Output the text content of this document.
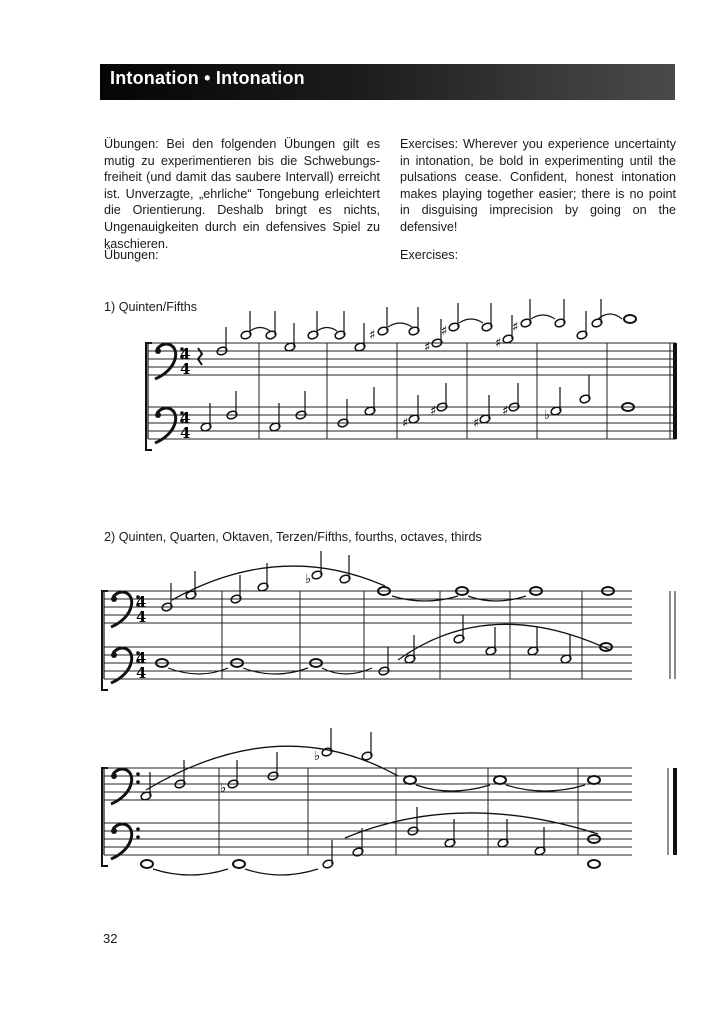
Intonation • Intonation
Übungen: Bei den folgenden Übungen gilt es mutig zu experimentieren bis die Schwebungsfreiheit (und damit das saubere Intervall) erreicht ist. Unverzagte, „ehrliche“ Tongebung erleichtert die Orientierung. Deshalb bringt es nichts, Ungenauigkeiten durch ein defensives Spiel zu kaschieren.
Übungen:
Exercises: Wherever you experience uncertainty in intonation, be bold in experimenting until the pulsations cease. Confident, honest intonation makes playing together easier; there is no point in disguising imprecision by going on the defensive!
Exercises:
1) Quinten/Fifths
2) Quinten, Quarten, Oktaven, Terzen/Fifths, fourths, octaves, thirds
4
4
4
4
♯
♯
♯
♯
♯
♯
♯
♯
♯	♭
4
4
4
4
♭
♭
♭
32
